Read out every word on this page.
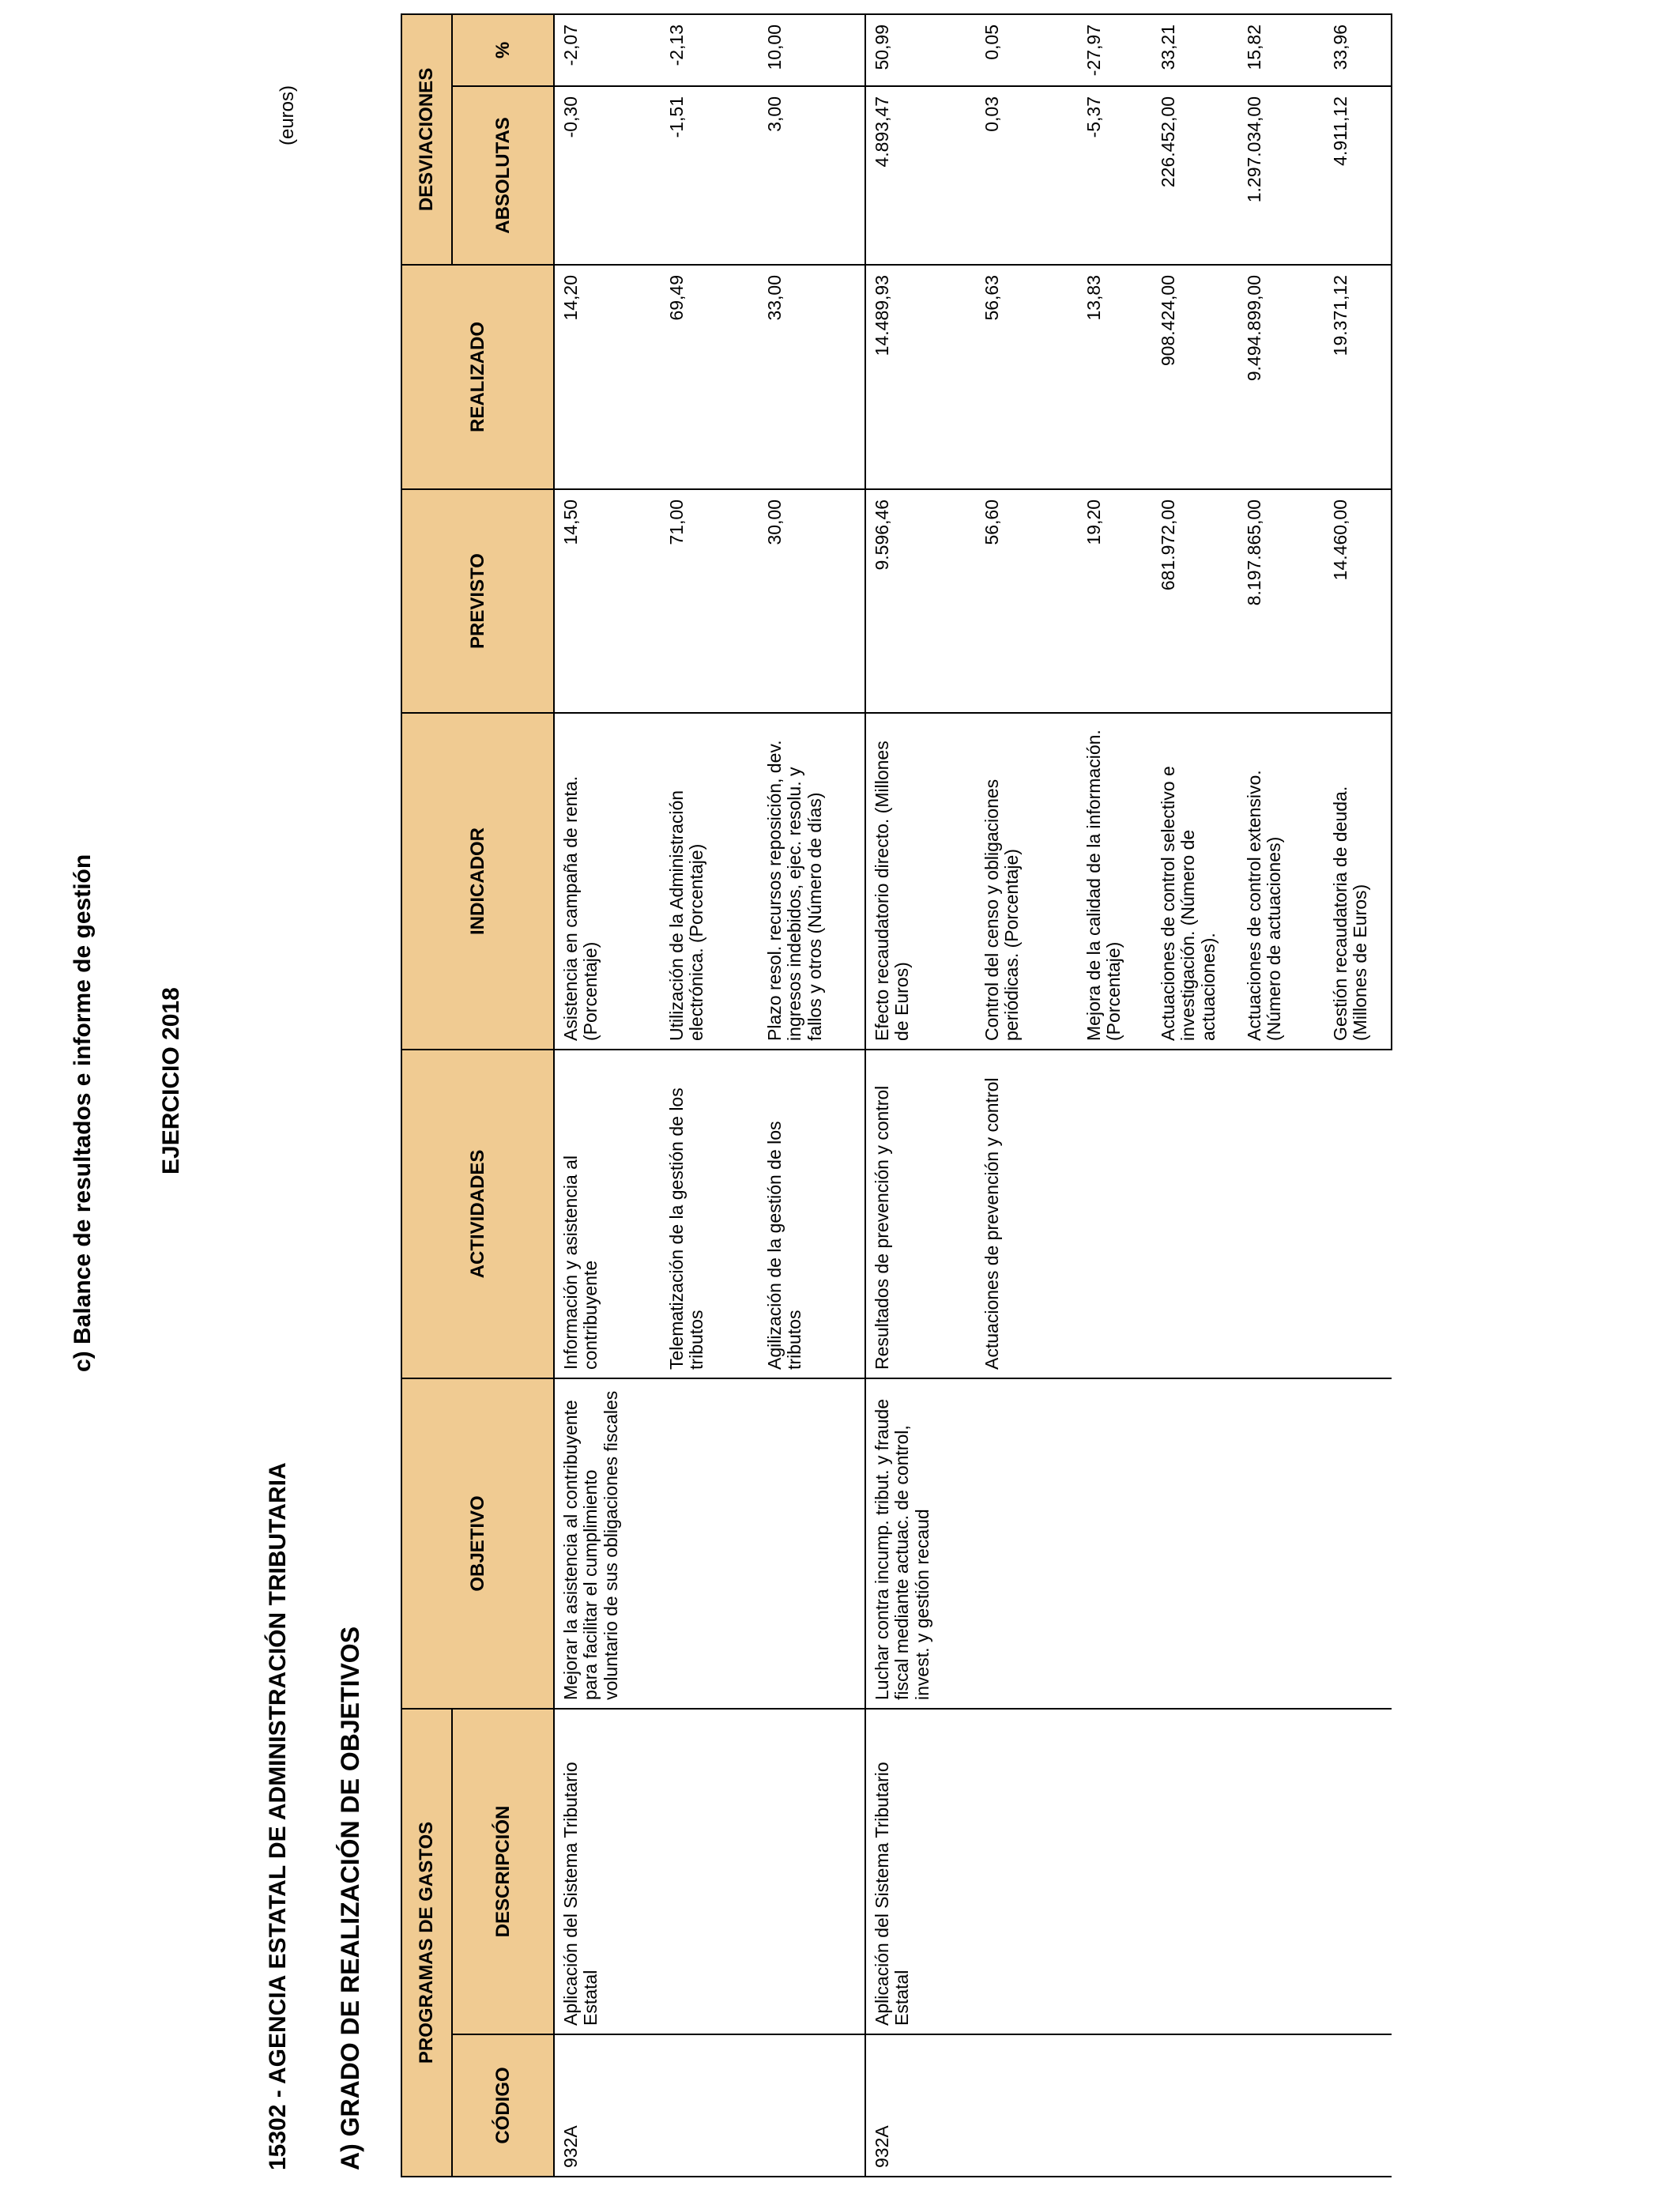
c) Balance de resultados e informe de gestión	EJERCICIO 2018
15302 - AGENCIA ESTATAL DE ADMINISTRACIÓN TRIBUTARIA A) GRADO DE REALIZACIÓN DE OBJETIVOS
(euros)
PROGRAMAS DE GASTOS		OBJETIVO	ACTIVIDADES	INDICADOR	PREVISTO	REALIZADO	DESVIACIONES	
CÓDIGO	DESCRIPCIÓN						ABSOLUTAS	%
932A	Aplicación del Sistema Tributario Estatal	Mejorar la asistencia al contribuyente para facilitar el cumplimiento voluntario de sus obligaciones fiscales	Información y asistencia al contribuyente	Asistencia en campaña de renta. (Porcentaje)	14,50	14,20	-0,30	-2,07
			Telematización de la gestión de los tributos	Utilización de la Administración electrónica. (Porcentaje)	71,00	69,49	-1,51	-2,13
			Agilización de la gestión de los tributos	Plazo resol. recursos reposición, dev. ingresos indebidos, ejec. resolu. y fallos y otros (Número de días)	30,00	33,00	3,00	10,00
932A	Aplicación del Sistema Tributario Estatal	Luchar contra incump. tribut. y fraude fiscal mediante actuac. de control, invest. y gestión recaud	Resultados de prevención y control	Efecto recaudatorio directo. (Millones de Euros)	9.596,46	14.489,93	4.893,47	50,99
			Actuaciones de prevención y control	Control del censo y obligaciones periódicas. (Porcentaje)	56,60	56,63	0,03	0,05
				Mejora de la calidad de la información. (Porcentaje)	19,20	13,83	-5,37	-27,97
				Actuaciones de control selectivo e investigación. (Número de actuaciones).	681.972,00	908.424,00	226.452,00	33,21
				Actuaciones de control extensivo. (Número de actuaciones)	8.197.865,00	9.494.899,00	1.297.034,00	15,82
				Gestión recaudatoria de deuda. (Millones de Euros)	14.460,00	19.371,12	4.911,12	33,96
